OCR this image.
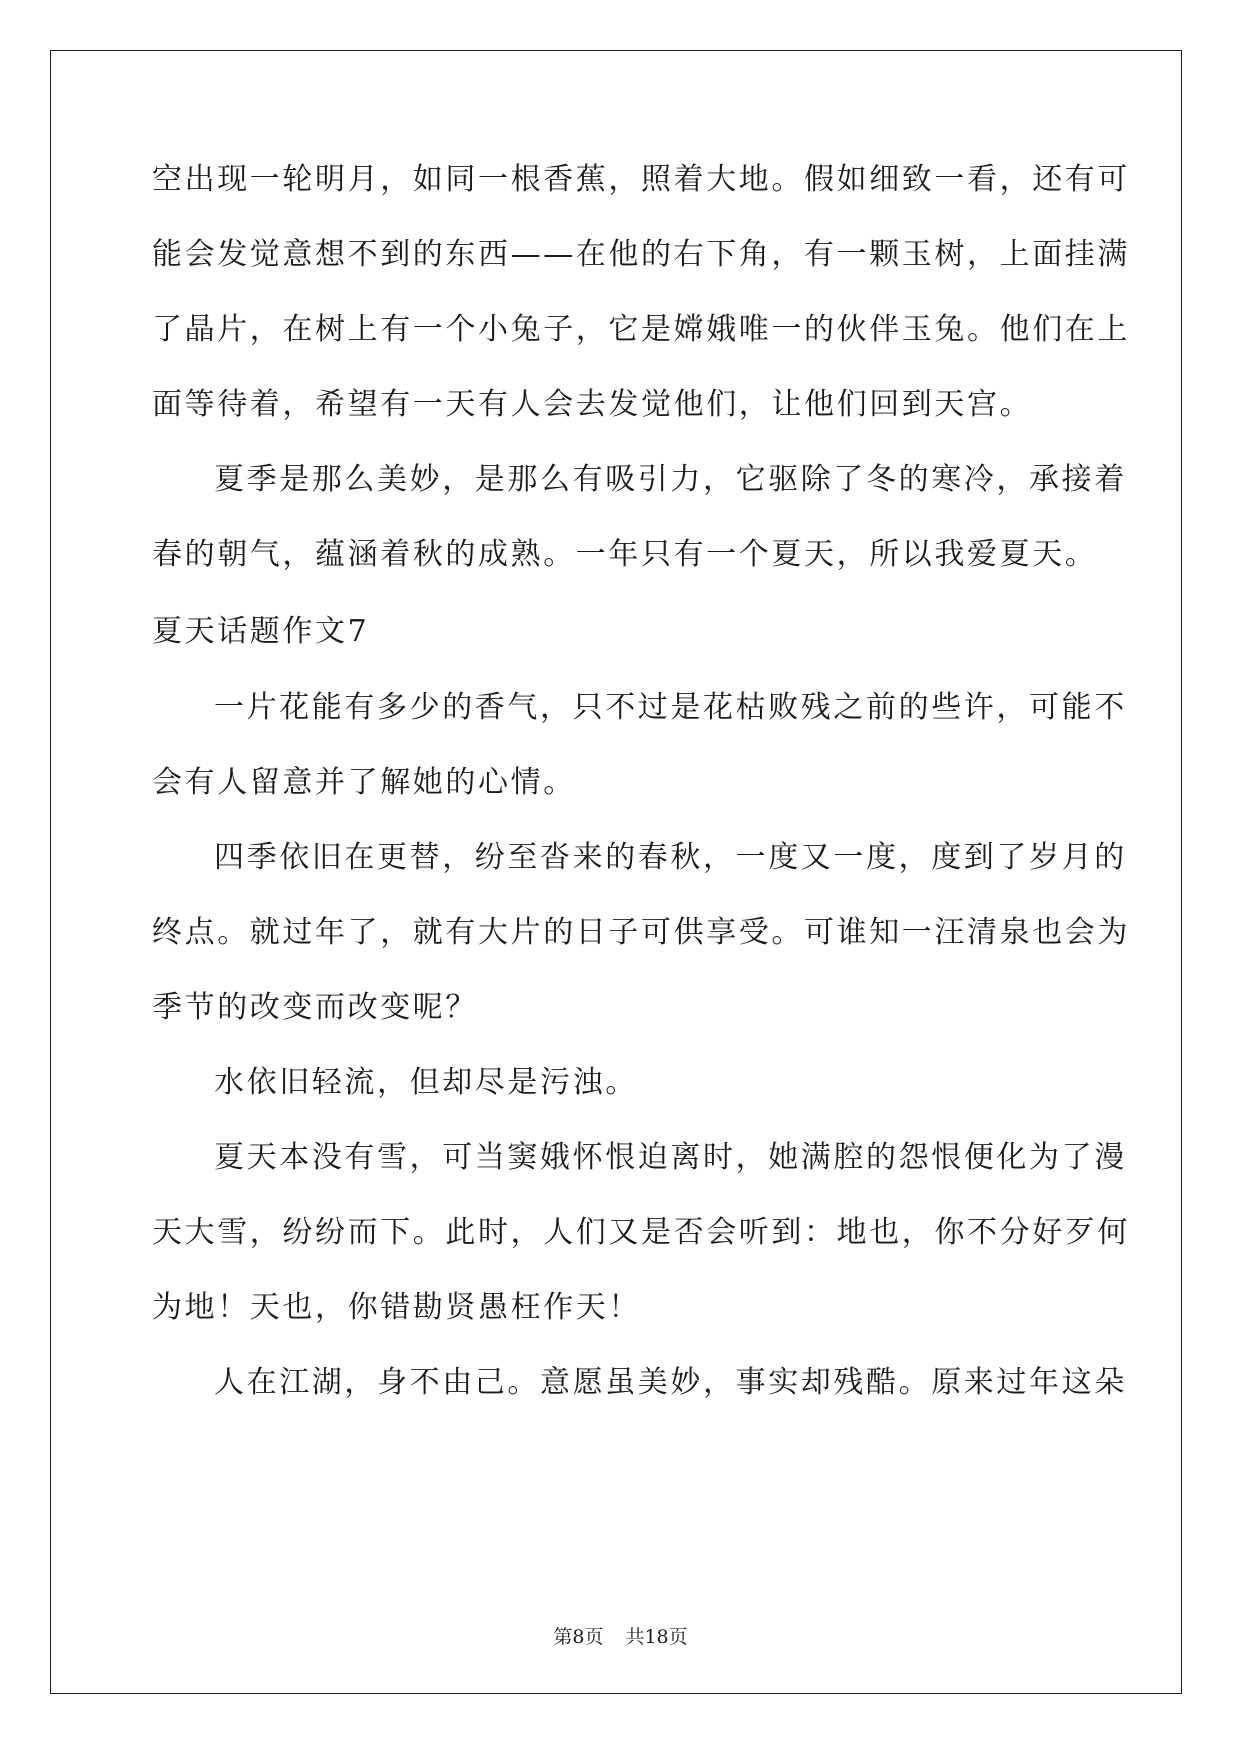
空出现一轮明月，如同一根香蕉，照着大地。假如细致一看，还有可
能会发觉意想不到的东西——在他的右下角，有一颗玉树，上面挂满
了晶片，在树上有一个小兔子，它是嫦娥唯一的伙伴玉兔。他们在上
面等待着，希望有一天有人会去发觉他们，让他们回到天宫。
夏季是那么美妙，是那么有吸引力，它驱除了冬的寒冷，承接着
春的朝气，蕴涵着秋的成熟。一年只有一个夏天，所以我爱夏天。
夏天话题作文7
一片花能有多少的香气，只不过是花枯败残之前的些许，可能不
会有人留意并了解她的心情。
四季依旧在更替，纷至沓来的春秋，一度又一度，度到了岁月的
终点。就过年了，就有大片的日子可供享受。可谁知一汪清泉也会为
季节的改变而改变呢？
水依旧轻流，但却尽是污浊。
夏天本没有雪，可当窦娥怀恨迫离时，她满腔的怨恨便化为了漫
天大雪，纷纷而下。此时，人们又是否会听到：地也，你不分好歹何
为地！天也，你错勘贤愚枉作天！
人在江湖，身不由己。意愿虽美妙，事实却残酷。原来过年这朵
第8页 共18页
